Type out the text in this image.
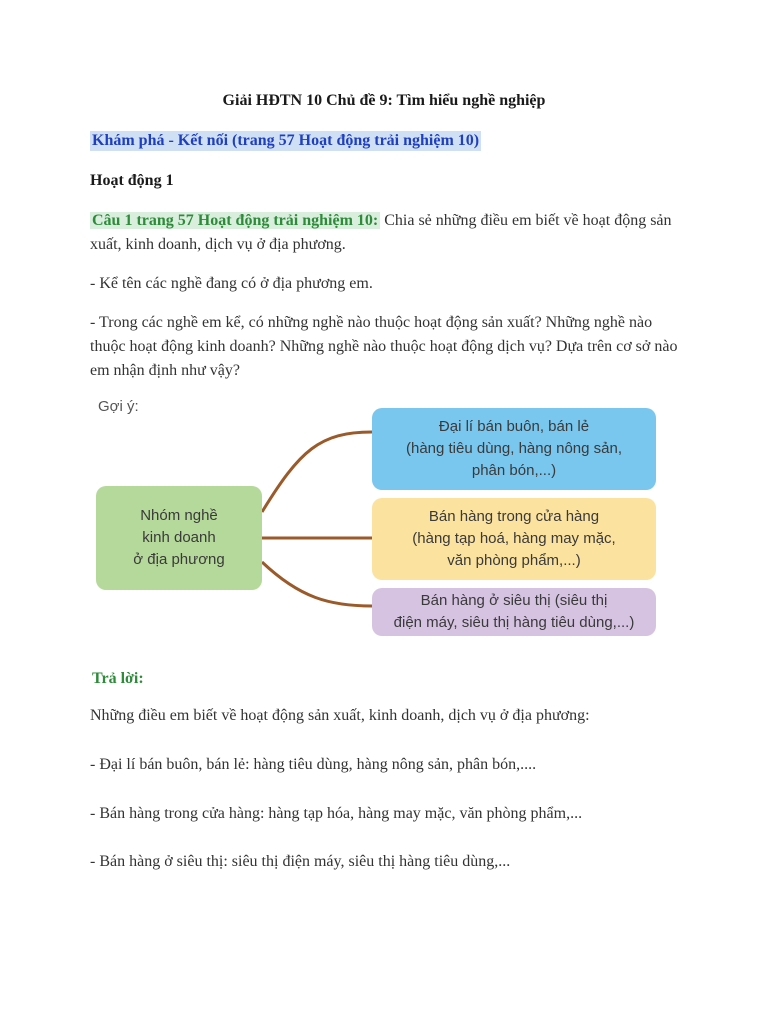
Giải HĐTN 10 Chủ đề 9: Tìm hiểu nghề nghiệp
Khám phá - Kết nối (trang 57 Hoạt động trải nghiệm 10)
Hoạt động 1
Câu 1 trang 57 Hoạt động trải nghiệm 10: Chia sẻ những điều em biết về hoạt động sản xuất, kinh doanh, dịch vụ ở địa phương.
- Kể tên các nghề đang có ở địa phương em.
- Trong các nghề em kể, có những nghề nào thuộc hoạt động sản xuất? Những nghề nào thuộc hoạt động kinh doanh? Những nghề nào thuộc hoạt động dịch vụ? Dựa trên cơ sở nào em nhận định như vậy?
Gợi ý:
Nhóm nghề
kinh doanh
ở địa phương
Đại lí bán buôn, bán lẻ
(hàng tiêu dùng, hàng nông sản,
phân bón,...)
Bán hàng trong cửa hàng
(hàng tạp hoá, hàng may mặc,
văn phòng phẩm,...)
Bán hàng ở siêu thị (siêu thị
điện máy, siêu thị hàng tiêu dùng,...)
Trả lời:
Những điều em biết về hoạt động sản xuất, kinh doanh, dịch vụ ở địa phương:
- Đại lí bán buôn, bán lẻ: hàng tiêu dùng, hàng nông sản, phân bón,....
- Bán hàng trong cửa hàng: hàng tạp hóa, hàng may mặc, văn phòng phẩm,...
- Bán hàng ở siêu thị: siêu thị điện máy, siêu thị hàng tiêu dùng,...
